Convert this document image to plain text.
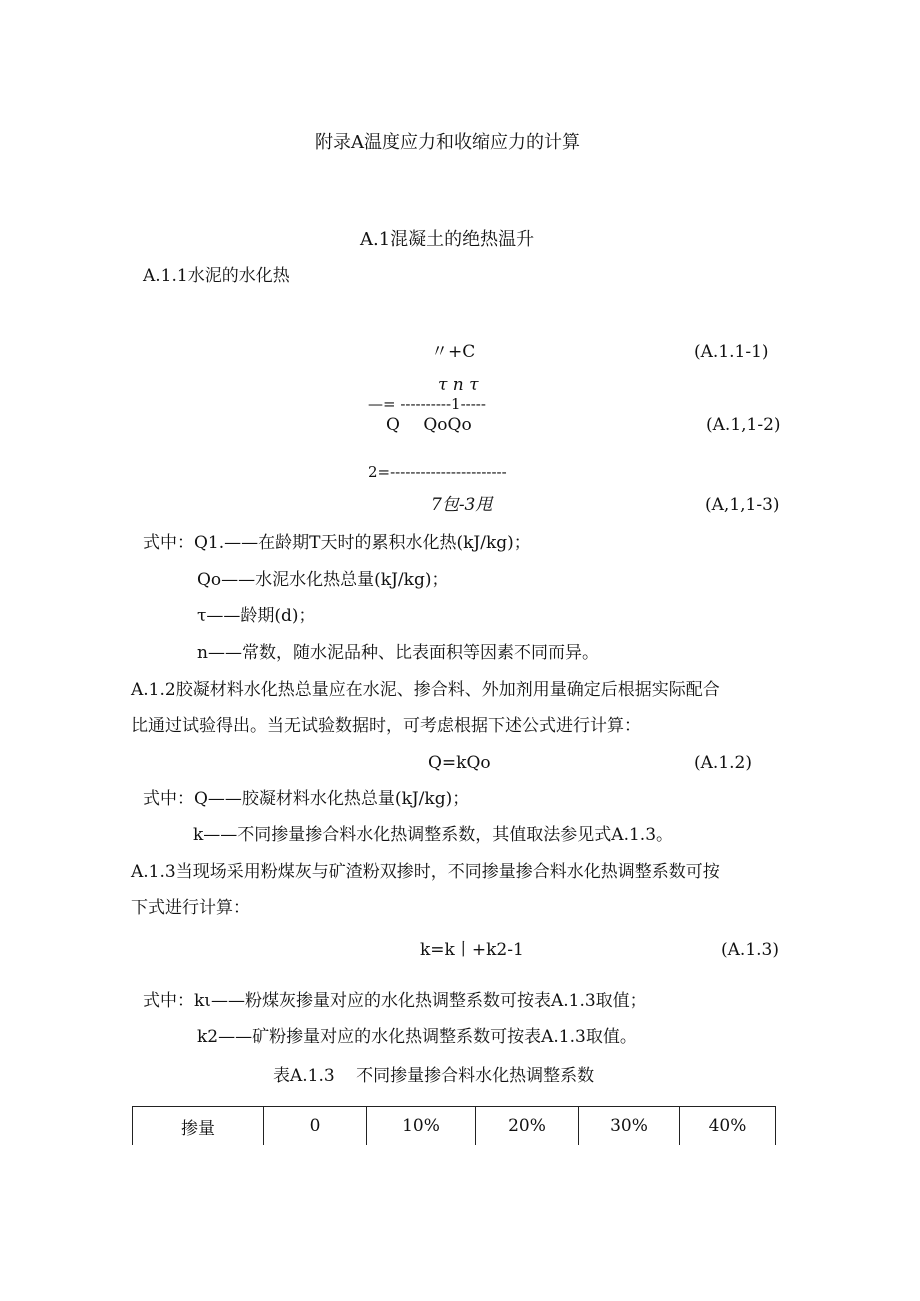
附录A温度应力和收缩应力的计算
A.1混凝土的绝热温升
A.1.1水泥的水化热
〃+C	(A.1.1-1)
τ n τ
—= ----------1-----
Q QoQo	(A.1,1-2)
2=-----------------------
7包-3甩	(A,1,1-3)
式中：Q1.——在龄期T天时的累积水化热(kJ/kg)；
Qo——水泥水化热总量(kJ/kg)；
τ——龄期(d)；
n——常数，随水泥品种、比表面积等因素不同而异。
A.1.2胶凝材料水化热总量应在水泥、掺合料、外加剂用量确定后根据实际配合
比通过试验得出。当无试验数据时，可考虑根据下述公式进行计算：
Q=kQo	(A.1.2)
式中：Q——胶凝材料水化热总量(kJ/kg)；
k——不同掺量掺合料水化热调整系数，其值取法参见式A.1.3。
A.1.3当现场采用粉煤灰与矿渣粉双掺时，不同掺量掺合料水化热调整系数可按
下式进行计算：
k=k丨+k2-1	(A.1.3)
式中：kι——粉煤灰掺量对应的水化热调整系数可按表A.1.3取值；
k2——矿粉掺量对应的水化热调整系数可按表A.1.3取值。
表A.1.3 不同掺量掺合料水化热调整系数
掺量	0	10%	20%	30%	40%
